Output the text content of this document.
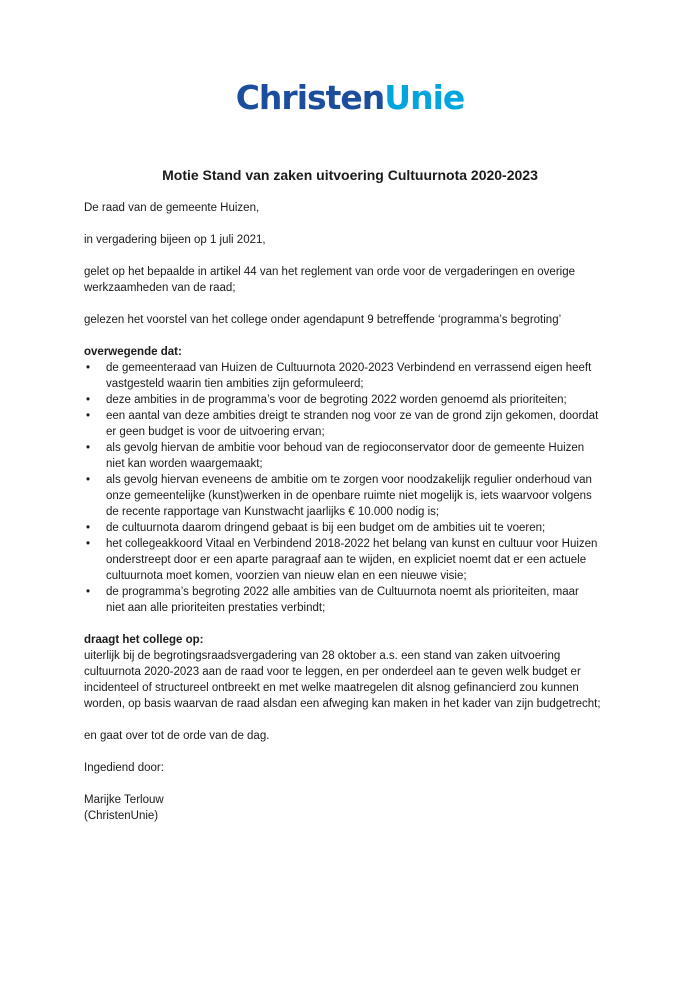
ChristenUnie
Motie Stand van zaken uitvoering Cultuurnota 2020-2023

De raad van de gemeente Huizen,

in vergadering bijeen op 1 juli 2021,

gelet op het bepaalde in artikel 44 van het reglement van orde voor de vergaderingen en overige
werkzaamheden van de raad;

gelezen het voorstel van het college onder agendapunt 9 betreffende ‘programma’s begroting’

overwegende dat:

• de gemeenteraad van Huizen de Cultuurnota 2020-2023 Verbindend en verrassend eigen heeft
vastgesteld waarin tien ambities zijn geformuleerd;
• deze ambities in de programma’s voor de begroting 2022 worden genoemd als prioriteiten;
• een aantal van deze ambities dreigt te stranden nog voor ze van de grond zijn gekomen, doordat
er geen budget is voor de uitvoering ervan;
• als gevolg hiervan de ambitie voor behoud van de regioconservator door de gemeente Huizen
niet kan worden waargemaakt;
• als gevolg hiervan eveneens de ambitie om te zorgen voor noodzakelijk regulier onderhoud van
onze gemeentelijke (kunst)werken in de openbare ruimte niet mogelijk is, iets waarvoor volgens
de recente rapportage van Kunstwacht jaarlijks € 10.000 nodig is;
• de cultuurnota daarom dringend gebaat is bij een budget om de ambities uit te voeren;
• het collegeakkoord Vitaal en Verbindend 2018-2022 het belang van kunst en cultuur voor Huizen
onderstreept door er een aparte paragraaf aan te wijden, en expliciet noemt dat er een actuele
cultuurnota moet komen, voorzien van nieuw elan en een nieuwe visie;
• de programma’s begroting 2022 alle ambities van de Cultuurnota noemt als prioriteiten, maar
niet aan alle prioriteiten prestaties verbindt;

draagt het college op:

uiterlijk bij de begrotingsraadsvergadering van 28 oktober a.s. een stand van zaken uitvoering
cultuurnota 2020-2023 aan de raad voor te leggen, en per onderdeel aan te geven welk budget er
incidenteel of structureel ontbreekt en met welke maatregelen dit alsnog gefinancierd zou kunnen
worden, op basis waarvan de raad alsdan een afweging kan maken in het kader van zijn budgetrecht;

en gaat over tot de orde van de dag.

Ingediend door:

Marijke Terlouw

(ChristenUnie)
